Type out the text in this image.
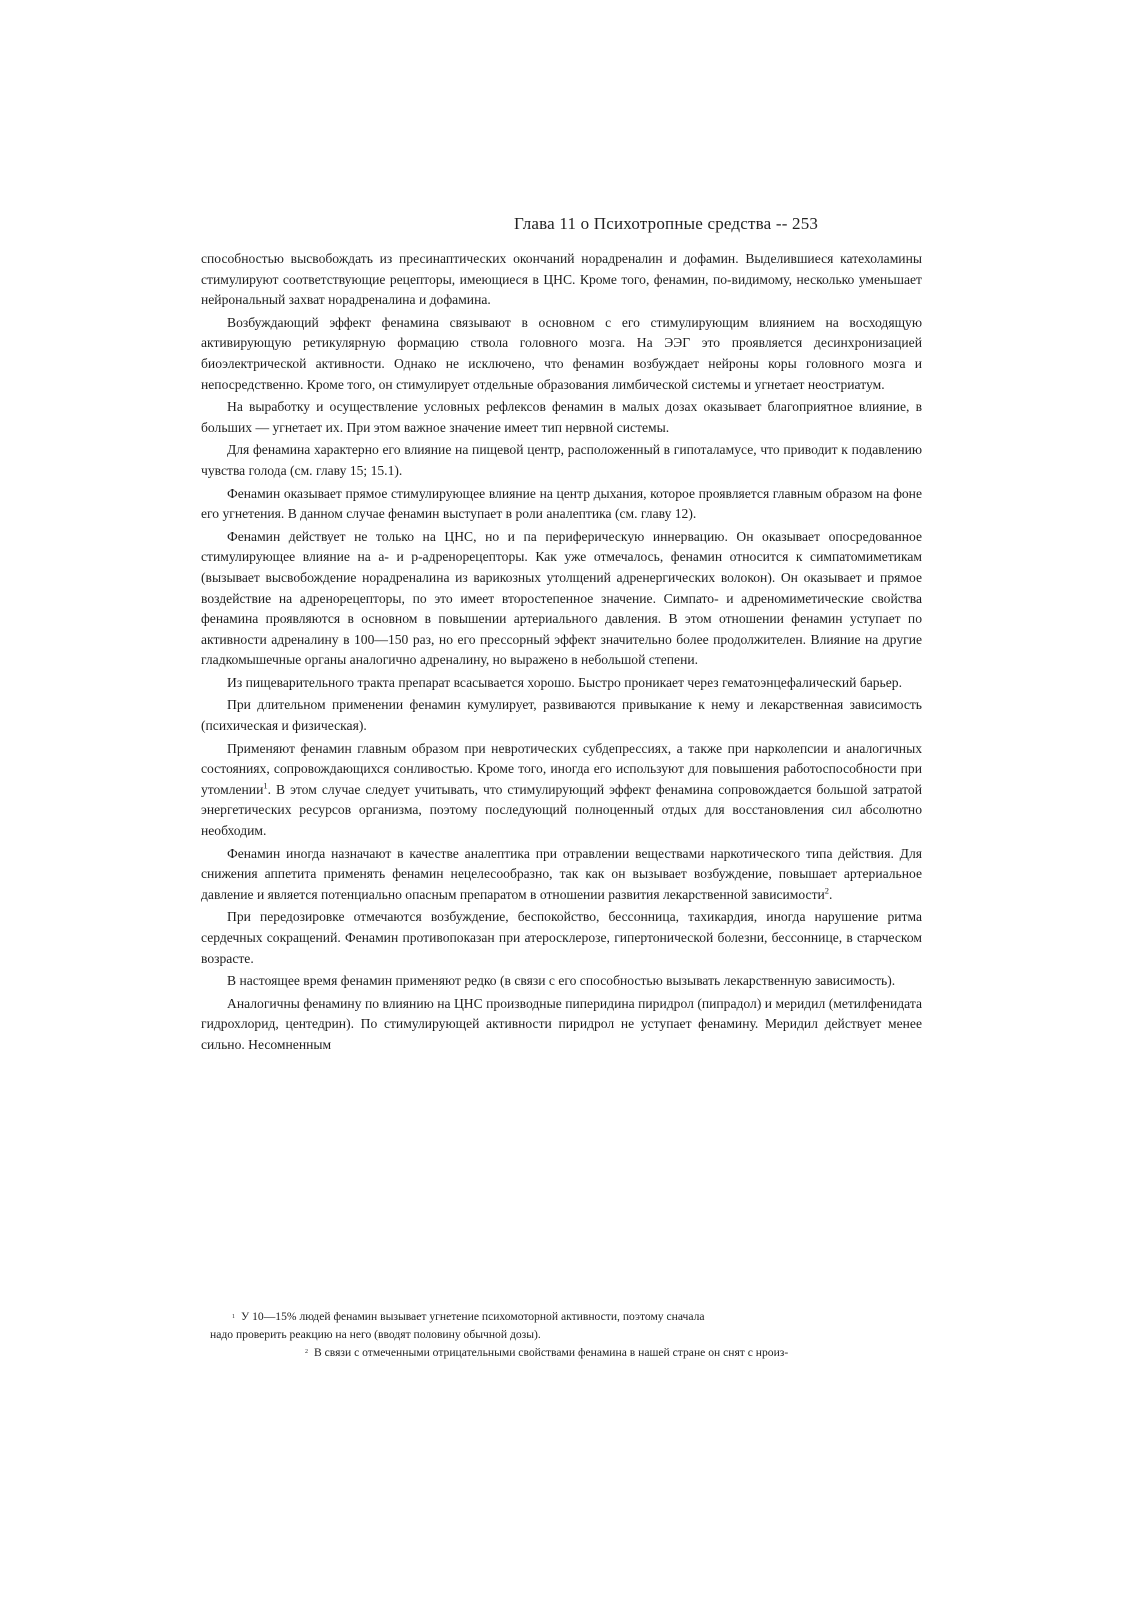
Глава 11 о Психотропные средства -- 253

способностью высвобождать из пресинаптических окончаний норадреналин и дофамин. Выделившиеся катехоламины стимулируют соответствующие рецепторы, имеющиеся в ЦНС. Кроме того, фенамин, по-видимому, несколько уменьшает нейрональный захват норадреналина и дофамина.

Возбуждающий эффект фенамина связывают в основном с его стимулирующим влиянием на восходящую активирующую ретикулярную формацию ствола головного мозга. На ЭЭГ это проявляется десинхронизацией биоэлектрической активности. Однако не исключено, что фенамин возбуждает нейроны коры головного мозга и непосредственно. Кроме того, он стимулирует отдельные образования лимбической системы и угнетает неостриатум.

На выработку и осуществление условных рефлексов фенамин в малых дозах оказывает благоприятное влияние, в больших — угнетает их. При этом важное значение имеет тип нервной системы.

Для фенамина характерно его влияние на пищевой центр, расположенный в гипоталамусе, что приводит к подавлению чувства голода (см. главу 15; 15.1).

Фенамин оказывает прямое стимулирующее влияние на центр дыхания, которое проявляется главным образом на фоне его угнетения. В данном случае фенамин выступает в роли аналептика (см. главу 12).

Фенамин действует не только на ЦНС, но и па периферическую иннервацию. Он оказывает опосредованное стимулирующее влияние на а- и р-адренорецепторы. Как уже отмечалось, фенамин относится к симпатомиметикам (вызывает высвобождение норадреналина из варикозных утолщений адренергических волокон). Он оказывает и прямое воздействие на адренорецепторы, по это имеет второстепенное значение. Симпато- и адреномиметические свойства фенамина проявляются в основном в повышении артериального давления. В этом отношении фенамин уступает по активности адреналину в 100—150 раз, но его прессорный эффект значительно более продолжителен. Влияние на другие гладкомышечные органы аналогично адреналину, но выражено в небольшой степени.

Из пищеварительного тракта препарат всасывается хорошо. Быстро проникает через гематоэнцефалический барьер.

При длительном применении фенамин кумулирует, развиваются привыкание к нему и лекарственная зависимость (психическая и физическая).

Применяют фенамин главным образом при невротических субдепрессиях, а также при нарколепсии и аналогичных состояниях, сопровождающихся сонливостью. Кроме того, иногда его используют для повышения работоспособности при утомлении$^1$. В этом случае следует учитывать, что стимулирующий эффект фенамина сопровождается большой затратой энергетических ресурсов организма, поэтому последующий полноценный отдых для восстановления сил абсолютно необходим.

Фенамин иногда назначают в качестве аналептика при отравлении веществами наркотического типа действия. Для снижения аппетита применять фенамин нецелесообразно, так как он вызывает возбуждение, повышает артериальное давление и является потенциально опасным препаратом в отношении развития лекарственной зависимости$^2$.

При передозировке отмечаются возбуждение, беспокойство, бессонница, тахикардия, иногда нарушение ритма сердечных сокращений. Фенамин противопоказан при атеросклерозе, гипертонической болезни, бессоннице, в старческом возрасте.

В настоящее время фенамин применяют редко (в связи с его способностью вызывать лекарственную зависимость).

Аналогичны фенамину по влиянию на ЦНС производные пиперидина пиридрол (пипрадол) и меридил (метилфенидата гидрохлорид, центедрин). По стимулирующей активности пиридрол не уступает фенамину. Меридил действует менее сильно. Несомненным

1 У 10—15% людей фенамин вызывает угнетение психомоторной активности, поэтому сначала
надо проверить реакцию на него (вводят половину обычной дозы).
2 В связи с отмеченными отрицательными свойствами фенамина в нашей стране он снят с нроиз-
